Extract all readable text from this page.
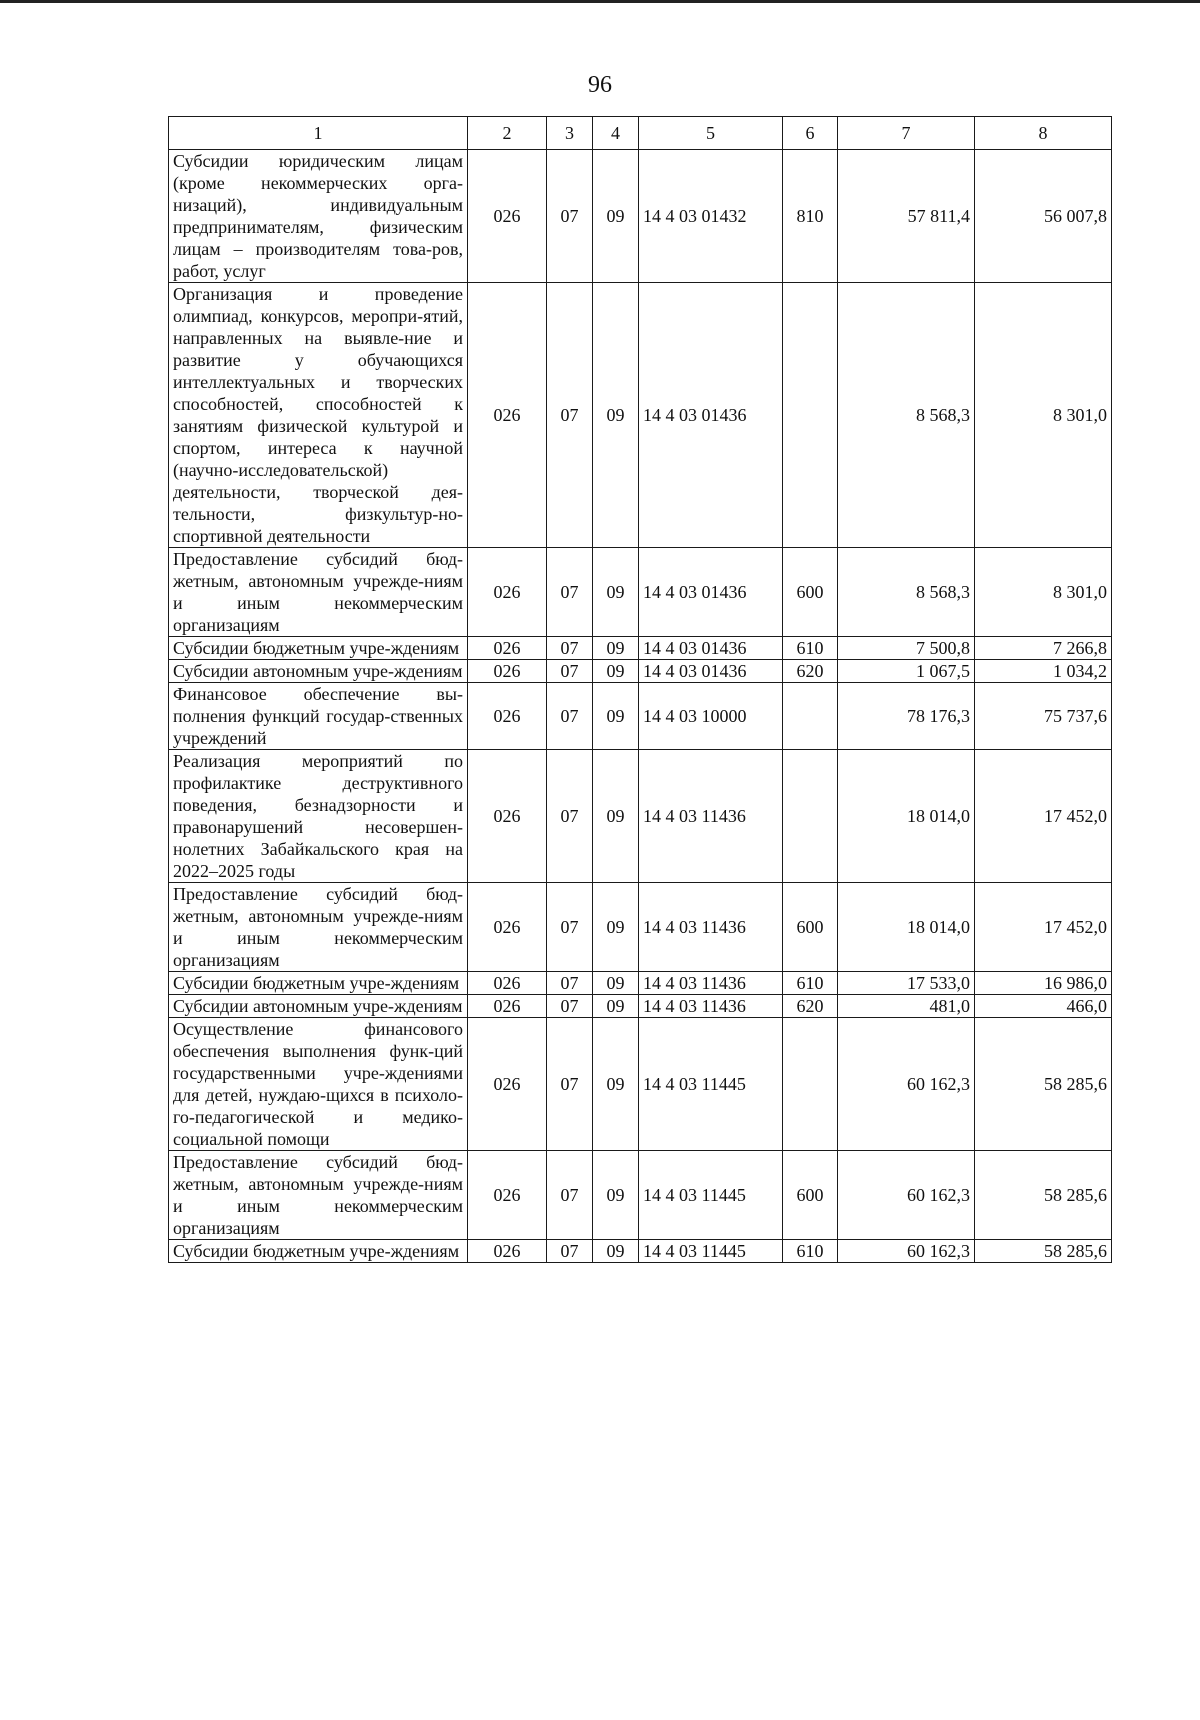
96
1	2	3	4	5	6	7	8
Субсидии юридическим лицам (кроме некоммерческих орга-низаций), индивидуальным предпринимателям, физическим лицам – производителям това-ров, работ, услуг	026	07	09	14 4 03 01432	810	57 811,4	56 007,8
Организация и проведение олимпиад, конкурсов, меропри-ятий, направленных на выявле-ние и развитие у обучающихся интеллектуальных и творческих способностей, способностей к занятиям физической культурой и спортом, интереса к научной (научно-исследовательской) деятельности, творческой дея-тельности, физкультур-но-спортивной деятельности	026	07	09	14 4 03 01436		8 568,3	8 301,0
Предоставление субсидий бюд-жетным, автономным учрежде-ниям и иным некоммерческим организациям	026	07	09	14 4 03 01436	600	8 568,3	8 301,0
Субсидии бюджетным учре-ждениям	026	07	09	14 4 03 01436	610	7 500,8	7 266,8
Субсидии автономным учре-ждениям	026	07	09	14 4 03 01436	620	1 067,5	1 034,2
Финансовое обеспечение вы-полнения функций государ-ственных учреждений	026	07	09	14 4 03 10000		78 176,3	75 737,6
Реализация мероприятий по профилактике деструктивного поведения, безнадзорности и правонарушений несовершен-нолетних Забайкальского края на 2022–2025 годы	026	07	09	14 4 03 11436		18 014,0	17 452,0
Предоставление субсидий бюд-жетным, автономным учрежде-ниям и иным некоммерческим организациям	026	07	09	14 4 03 11436	600	18 014,0	17 452,0
Субсидии бюджетным учре-ждениям	026	07	09	14 4 03 11436	610	17 533,0	16 986,0
Субсидии автономным учре-ждениям	026	07	09	14 4 03 11436	620	481,0	466,0
Осуществление финансового обеспечения выполнения функ-ций государственными учре-ждениями для детей, нуждаю-щихся в психоло-го-педагогической и медико-социальной помощи	026	07	09	14 4 03 11445		60 162,3	58 285,6
Предоставление субсидий бюд-жетным, автономным учрежде-ниям и иным некоммерческим организациям	026	07	09	14 4 03 11445	600	60 162,3	58 285,6
Субсидии бюджетным учре-ждениям	026	07	09	14 4 03 11445	610	60 162,3	58 285,6
